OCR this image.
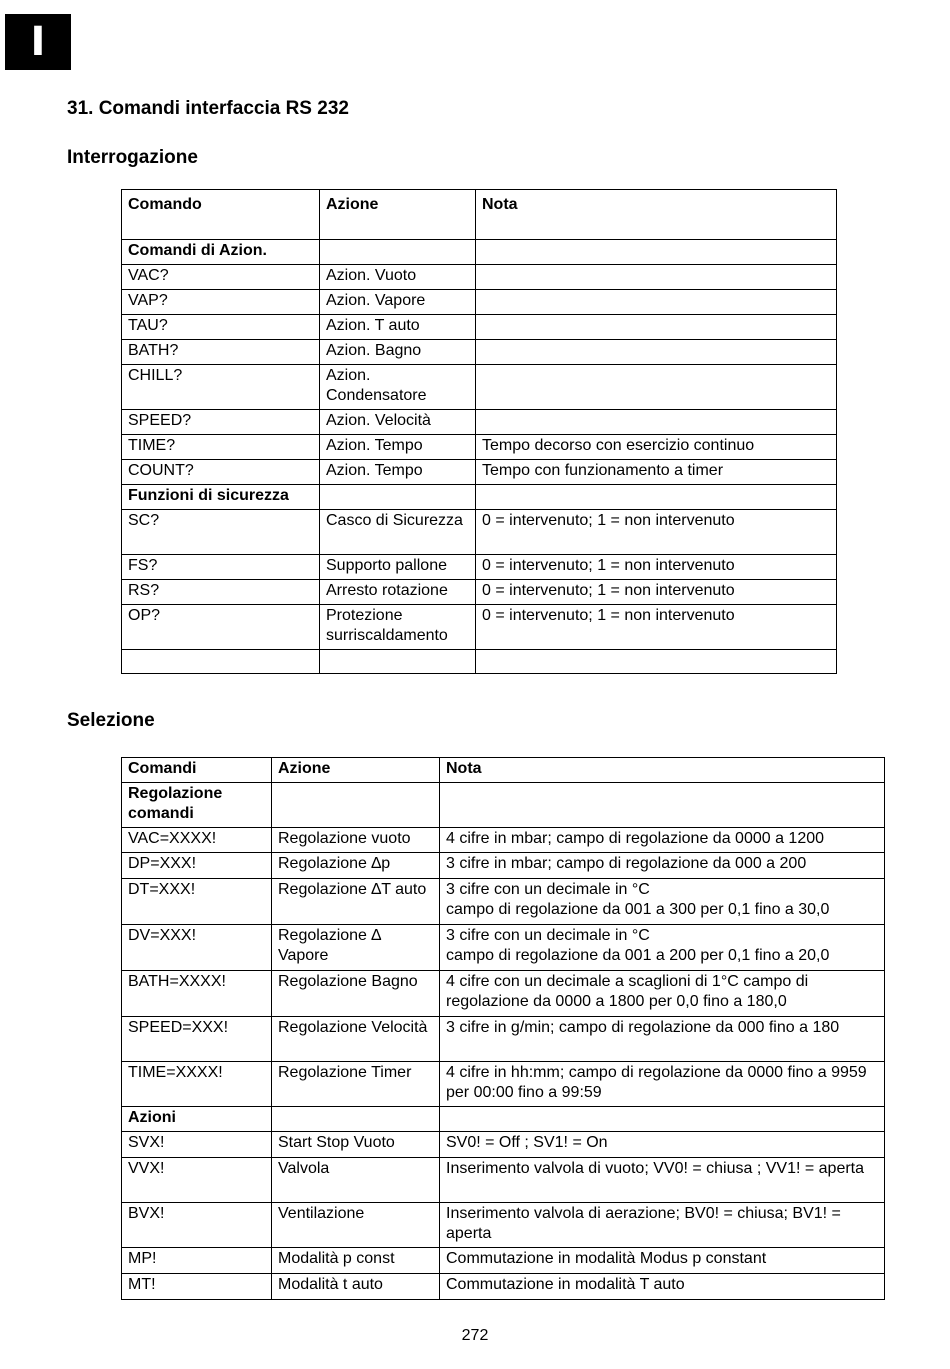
I
31. Comandi interfaccia RS 232
Interrogazione
Comando	Azione	Nota
Comandi di Azion.		
VAC?	Azion. Vuoto	
VAP?	Azion. Vapore	
TAU?	Azion. T auto	
BATH?	Azion. Bagno	
CHILL?	Azion. Condensatore	
SPEED?	Azion. Velocità	
TIME?	Azion. Tempo	Tempo decorso con esercizio continuo
COUNT?	Azion. Tempo	Tempo con funzionamento a timer
Funzioni di sicurezza		
SC?	Casco di Sicurezza	0 = intervenuto; 1 = non intervenuto
FS?	Supporto pallone	0 = intervenuto; 1 = non intervenuto
RS?	Arresto rotazione	0 = intervenuto; 1 = non intervenuto
OP?	Protezione surriscaldamento	0 = intervenuto; 1 = non intervenuto

Selezione
Comandi	Azione	Nota
Regolazione comandi		
VAC=XXXX!	Regolazione vuoto	4 cifre in mbar; campo di regolazione da 0000 a 1200
DP=XXX!	Regolazione ∆p	3 cifre in mbar; campo di regolazione da 000 a 200
DT=XXX!	Regolazione ∆T auto	3 cifre con un decimale in °C
campo di regolazione da 001 a 300 per 0,1 fino a 30,0
DV=XXX!	Regolazione ∆ Vapore	3 cifre con un decimale in °C
campo di regolazione da 001 a 200 per 0,1 fino a 20,0
BATH=XXXX!	Regolazione Bagno	4 cifre con un decimale a scaglioni di 1°C campo di regolazione da 0000 a 1800 per 0,0 fino a 180,0
SPEED=XXX!	Regolazione Velocità	3 cifre in g/min; campo di regolazione da 000 fino a 180
TIME=XXXX!	Regolazione Timer	4 cifre in hh:mm; campo di regolazione da 0000 fino a 9959 per 00:00 fino a 99:59
Azioni		
SVX!	Start Stop Vuoto	SV0! = Off ; SV1! = On
VVX!	Valvola	Inserimento valvola di vuoto; VV0! = chiusa ; VV1! = aperta
BVX!	Ventilazione	Inserimento valvola di aerazione; BV0! = chiusa; BV1! = aperta
MP!	Modalità p const	Commutazione in modalità Modus p constant
MT!	Modalità t auto	Commutazione in modalità T auto
272
